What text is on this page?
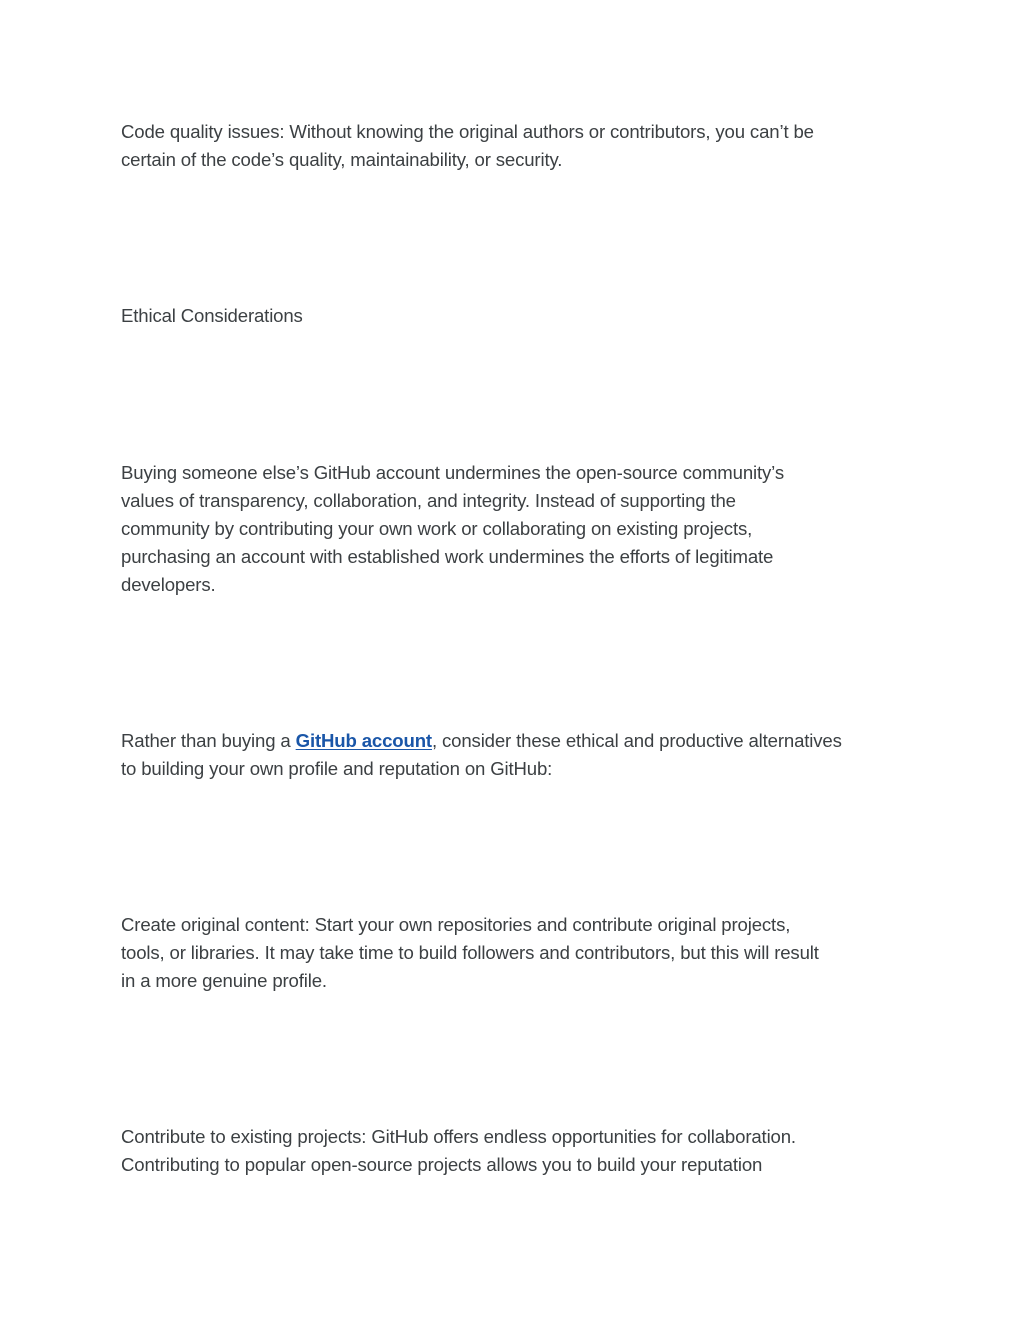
Code quality issues: Without knowing the original authors or contributors, you can’t be
certain of the code’s quality, maintainability, or security.
Ethical Considerations
Buying someone else’s GitHub account undermines the open-source community’s
values of transparency, collaboration, and integrity. Instead of supporting the
community by contributing your own work or collaborating on existing projects,
purchasing an account with established work undermines the efforts of legitimate
developers.
Rather than buying a GitHub account, consider these ethical and productive alternatives
to building your own profile and reputation on GitHub:
Create original content: Start your own repositories and contribute original projects,
tools, or libraries. It may take time to build followers and contributors, but this will result
in a more genuine profile.
Contribute to existing projects: GitHub offers endless opportunities for collaboration.
Contributing to popular open-source projects allows you to build your reputation
